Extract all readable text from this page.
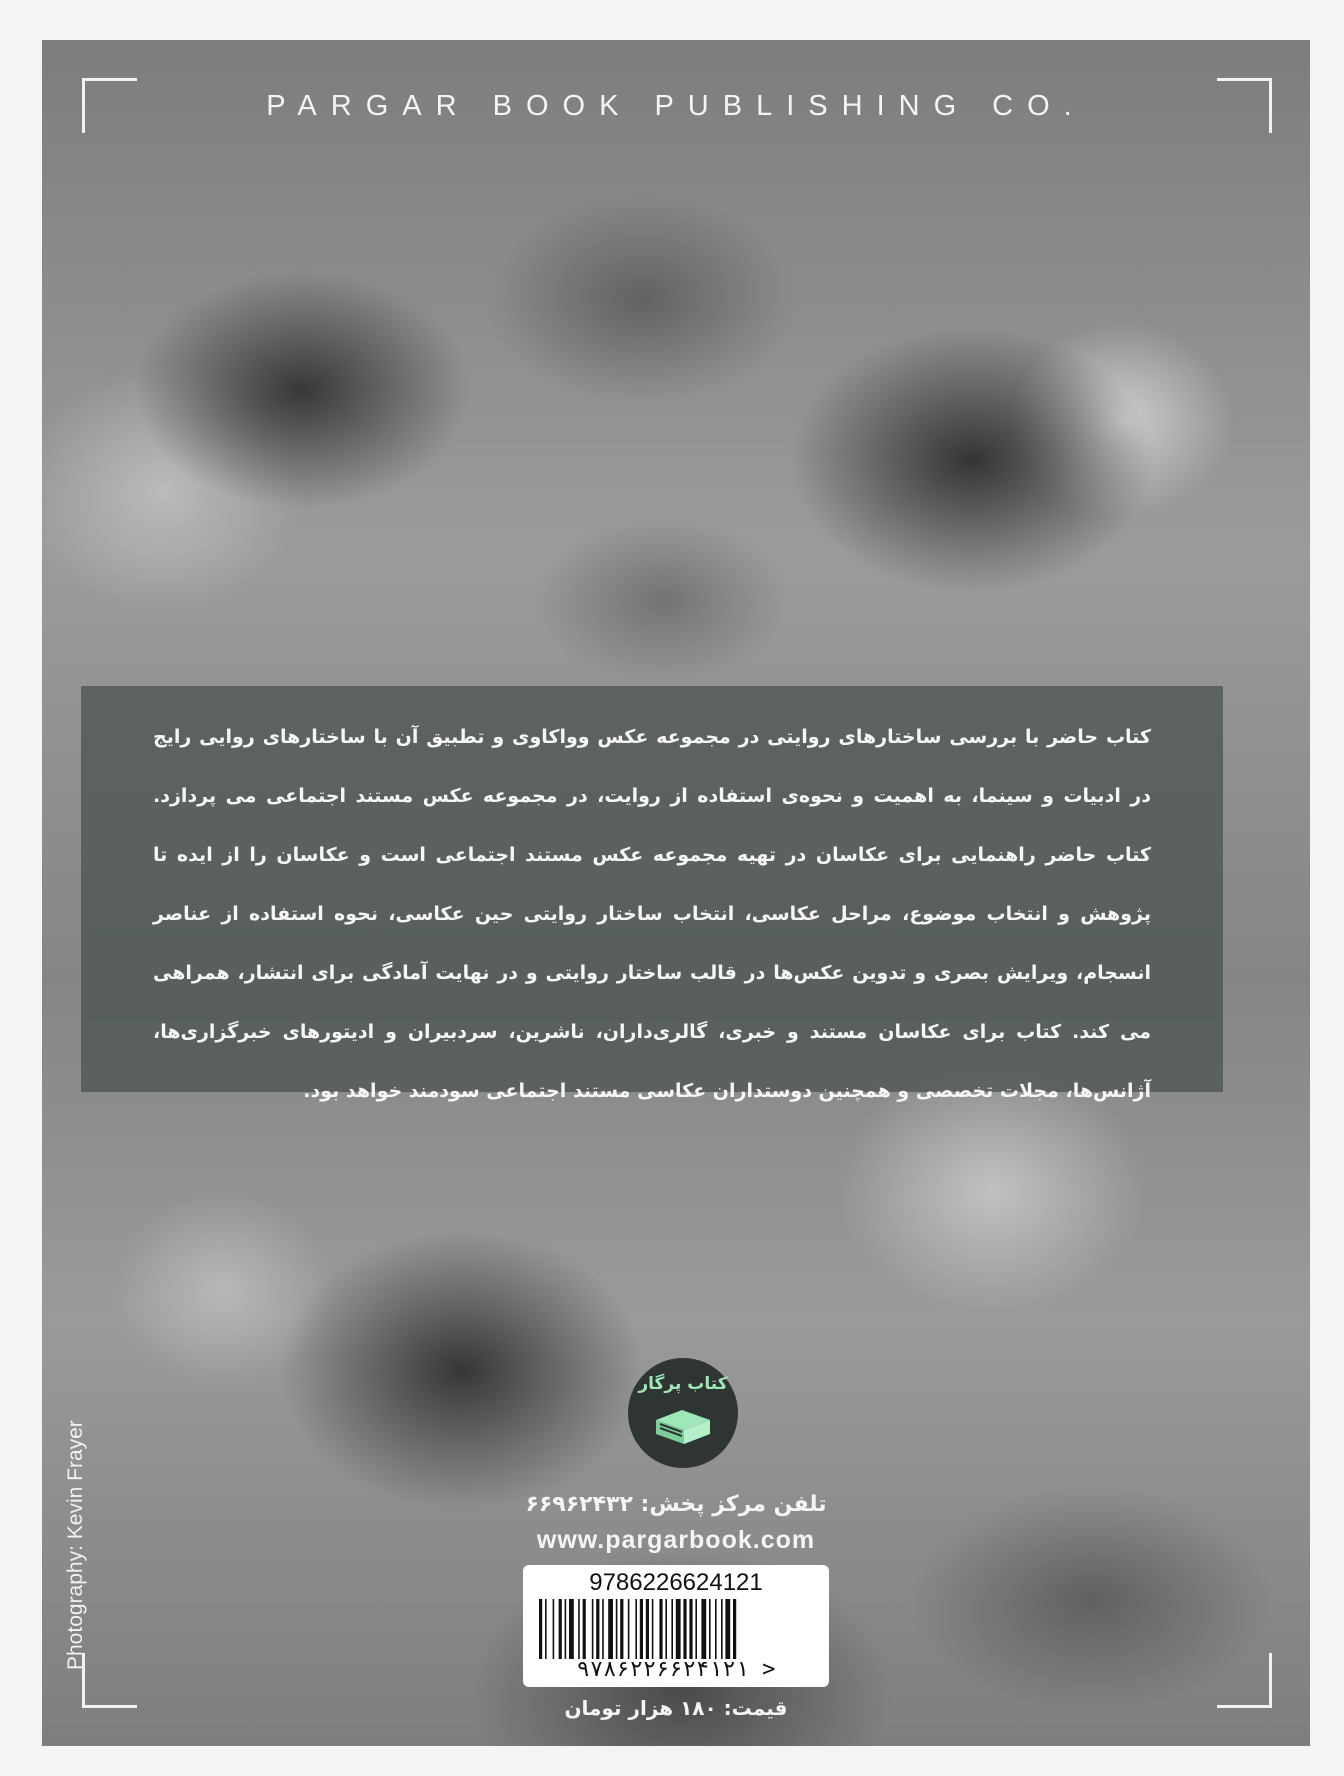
PARGAR BOOK PUBLISHING CO.

کتاب حاضر با بررسی ساختارهای روایتی در مجموعه عکس وواکاوی و تطبیق آن با ساختارهای روایی رایج در ادبیات و سینما، به اهمیت و نحوه‌ی استفاده از روایت، در مجموعه عکس مستند اجتماعی می پردازد. کتاب حاضر راهنمایی برای عکاسان در تهیه مجموعه عکس مستند اجتماعی است و عکاسان را از ایده تا پژوهش و انتخاب موضوع، مراحل عکاسی، انتخاب ساختار روایتی حین عکاسی، نحوه استفاده از عناصر انسجام، ویرایش بصری و تدوین عکس‌ها در قالب ساختار روایتی و در نهایت آمادگی برای انتشار، همراهی می کند. کتاب برای عکاسان مستند و خبری، گالری‌داران، ناشرین، سردبیران و ادیتورهای خبرگزاری‌ها، آژانس‌ها، مجلات تخصصی و همچنین دوستداران عکاسی مستند اجتماعی سودمند خواهد بود.

Photography: Kevin Frayer
کتاب پرگار
تلفن مرکز پخش: ۶۶۹۶۲۴۳۲
www.pargarbook.com
9786226624121
۹۷۸۶۲۲۶۶۲۴۱۲۱ >
قیمت: ۱۸۰ هزار تومان
